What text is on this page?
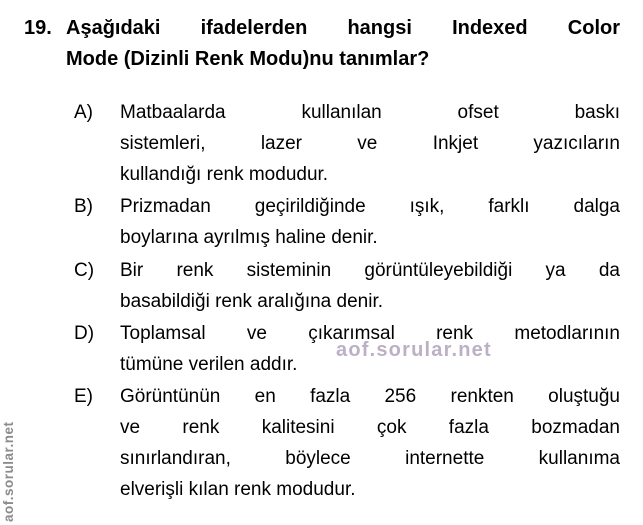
aof.sorular.net
aof.sorular.net
19. Aşağıdaki ifadelerden hangsi Indexed Color
Mode (Dizinli Renk Modu)nu tanımlar?
A) Matbaalarda kullanılan ofset baskı
sistemleri, lazer ve Inkjet yazıcıların
kullandığı renk modudur.
B) Prizmadan geçirildiğinde ışık, farklı dalga
boylarına ayrılmış haline denir.
C) Bir renk sisteminin görüntüleyebildiği ya da
basabildiği renk aralığına denir.
D) Toplamsal ve çıkarımsal renk metodlarının
tümüne verilen addır.
E) Görüntünün en fazla 256 renkten oluştuğu
ve renk kalitesini çok fazla bozmadan
sınırlandıran, böylece internette kullanıma
elverişli kılan renk modudur.
